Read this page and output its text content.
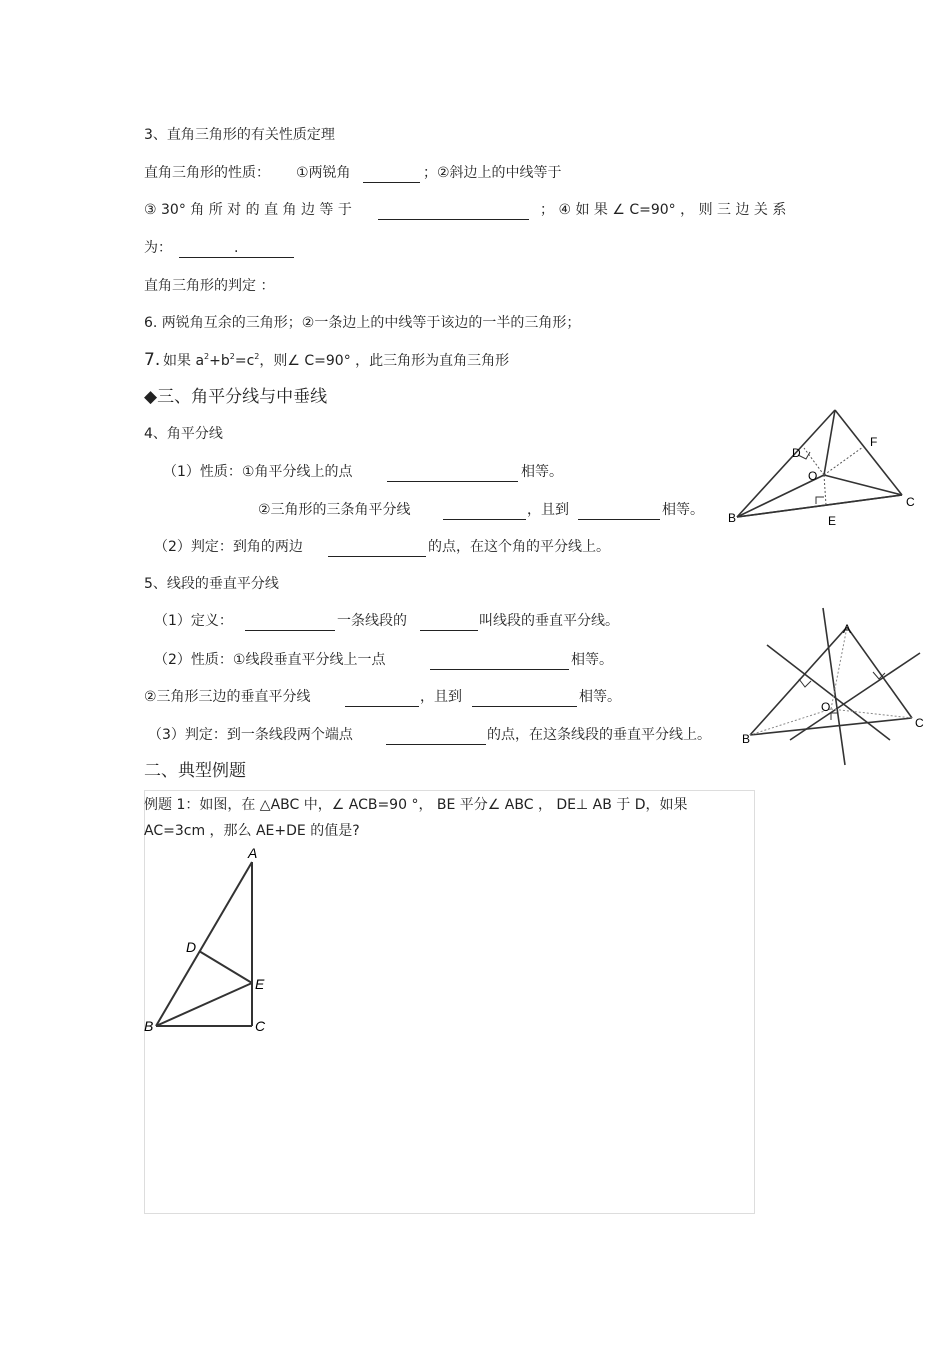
3、直角三角形的有关性质定理
直角三角形的性质： ①两锐角	；②斜边上的中线等于
③ 30° 角 所 对 的 直 角 边 等 于	； ④ 如 果 ∠ C=90° ， 则 三 边 关 系
为：	.
直角三角形的判定 ：
6. 两锐角互余的三角形；②一条边上的中线等于该边的一半的三角形；
7. 如果 $a^2+b^2=c^2$，则∠ C=90° ，此三角形为直角三角形
◆三、角平分线与中垂线
4、角平分线
（1）性质：①角平分线上的点	相等。
②三角形的三条角平分线	，且到	相等。
（2）判定：到角的两边	的点，在这个角的平分线上。
5、线段的垂直平分线
（1）定义：	一条线段的	叫线段的垂直平分线。
（2）性质：①线段垂直平分线上一点	相等。
②三角形三边的垂直平分线	，且到	相等。
（3）判定：到一条线段两个端点	的点，在这条线段的垂直平分线上。
D
F
O
C
B	E
A
O
C
B
二、典型例题
例题 1：如图，在 △ABC 中，∠ ACB=90 °， BE 平分∠ ABC ， DE⊥ AB 于 D，如果
AC=3cm ，那么 AE+DE 的值是?
A
D
E
B	C
